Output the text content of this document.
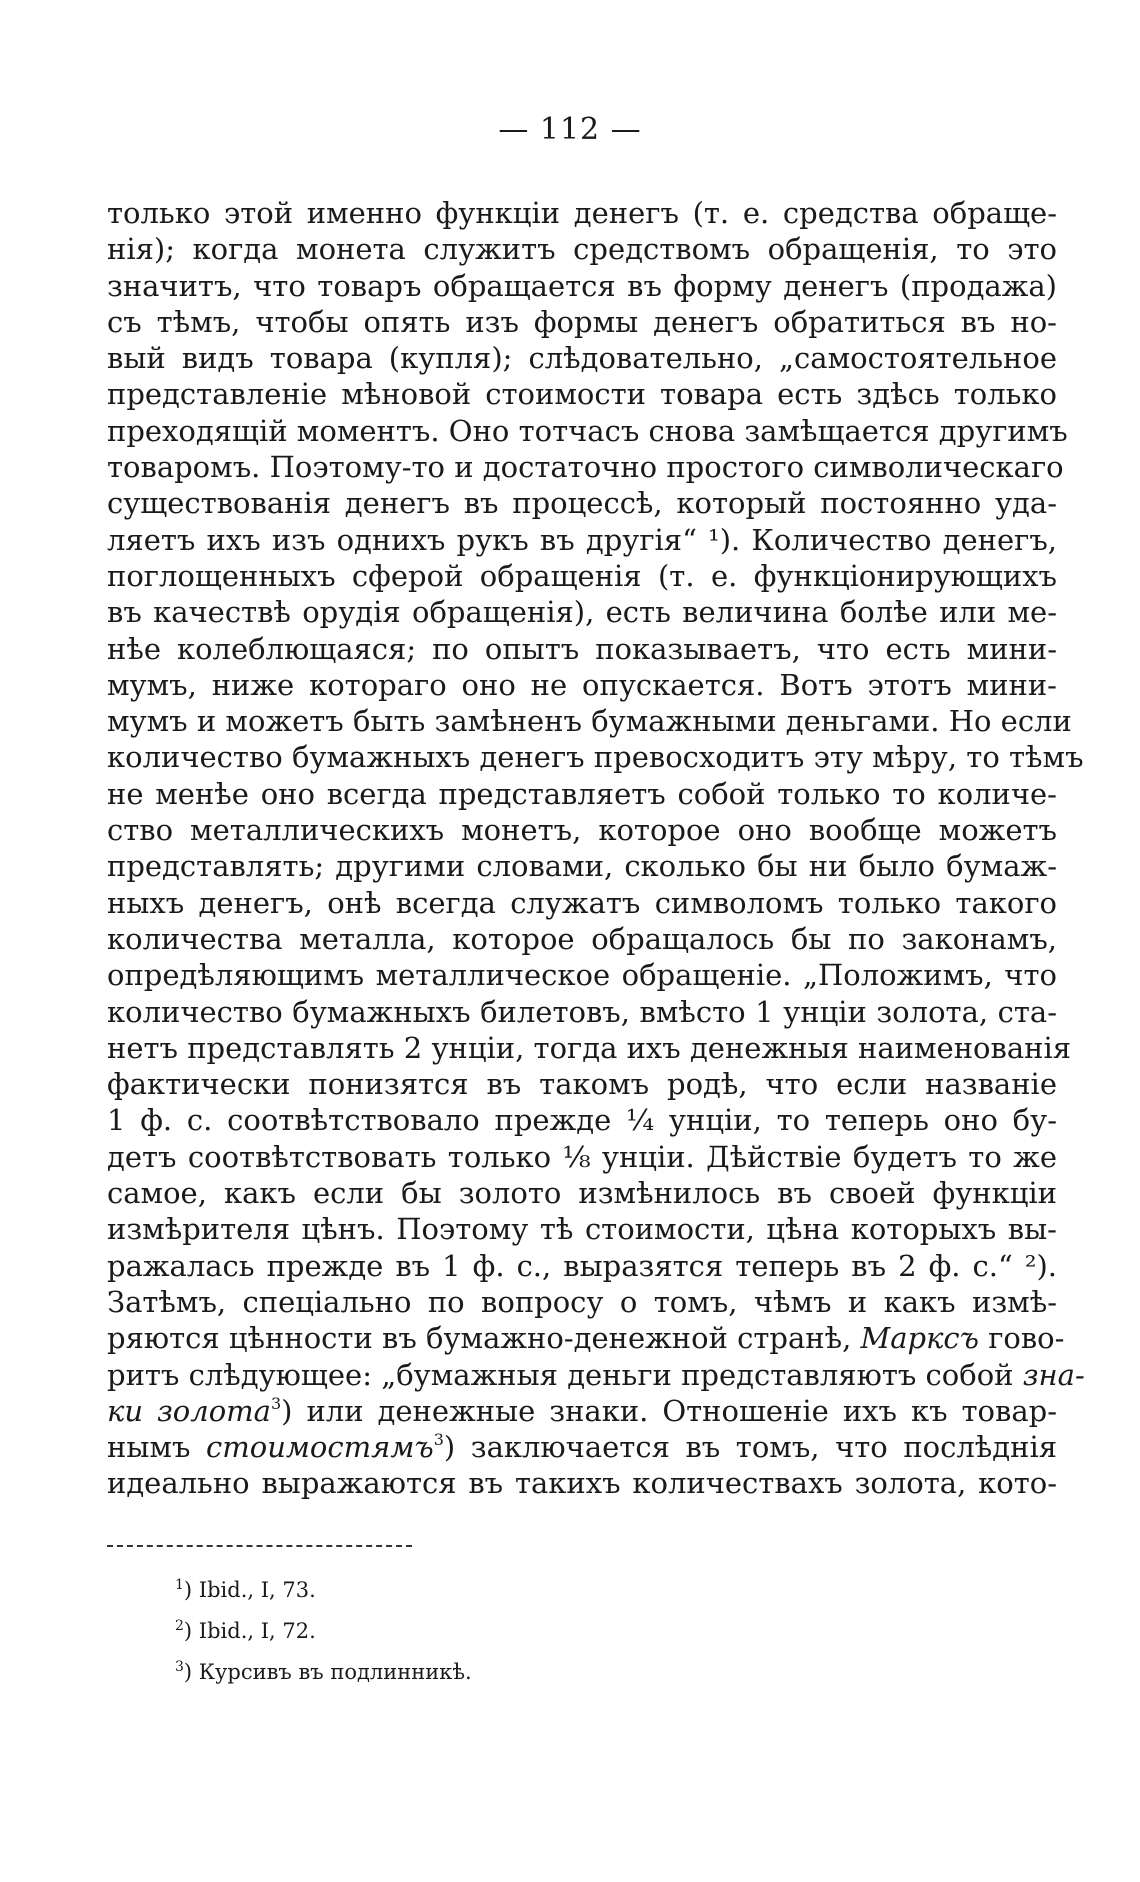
— 112 —
только этой именно функціи денегъ (т. е. средства обраще-
нія); когда монета служитъ средствомъ обращенія, то это
значитъ, что товаръ обращается въ форму денегъ (продажа)
съ тѣмъ, чтобы опять изъ формы денегъ обратиться въ но-
вый видъ товара (купля); слѣдовательно, „самостоятельное
представленіе мѣновой стоимости товара есть здѣсь только
преходящій моментъ. Оно тотчасъ снова замѣщается другимъ
товаромъ. Поэтому-то и достаточно простого символическаго
существованія денегъ въ процессѣ, который постоянно уда-
ляетъ ихъ изъ однихъ рукъ въ другія“ ¹). Количество денегъ,
поглощенныхъ сферой обращенія (т. е. функціонирующихъ
въ качествѣ орудія обращенія), есть величина болѣе или ме-
нѣе колеблющаяся; по опытъ показываетъ, что есть мини-
мумъ, ниже котораго оно не опускается. Вотъ этотъ мини-
мумъ и можетъ быть замѣненъ бумажными деньгами. Но если
количество бумажныхъ денегъ превосходитъ эту мѣру, то тѣмъ
не менѣе оно всегда представляетъ собой только то количе-
ство металлическихъ монетъ, которое оно вообще можетъ
представлять; другими словами, сколько бы ни было бумаж-
ныхъ денегъ, онѣ всегда служатъ символомъ только такого
количества металла, которое обращалось бы по законамъ,
опредѣляющимъ металлическое обращеніе. „Положимъ, что
количество бумажныхъ билетовъ, вмѣсто 1 унціи золота, ста-
нетъ представлять 2 унціи, тогда ихъ денежныя наименованія
фактически понизятся въ такомъ родѣ, что если названіе
1 ф. с. соотвѣтствовало прежде ¼ унціи, то теперь оно бу-
детъ соотвѣтствовать только ⅛ унціи. Дѣйствіе будетъ то же
самое, какъ если бы золото измѣнилось въ своей функціи
измѣрителя цѣнъ. Поэтому тѣ стоимости, цѣна которыхъ вы-
ражалась прежде въ 1 ф. с., выразятся теперь въ 2 ф. с.“ ²).
Затѣмъ, спеціально по вопросу о томъ, чѣмъ и какъ измѣ-
ряются цѣнности въ бумажно-денежной странѣ, Марксъ гово-
ритъ слѣдующее: „бумажныя деньги представляютъ собой зна-
ки золота$^3$) или денежные знаки. Отношеніе ихъ къ товар-
нымъ стоимостямъ$^3$) заключается въ томъ, что послѣднія
идеально выражаются въ такихъ количествахъ золота, кото-
$^1$) Ibid., I, 73.
$^2$) Ibid., I, 72.
$^3$) Курсивъ въ подлинникѣ.
